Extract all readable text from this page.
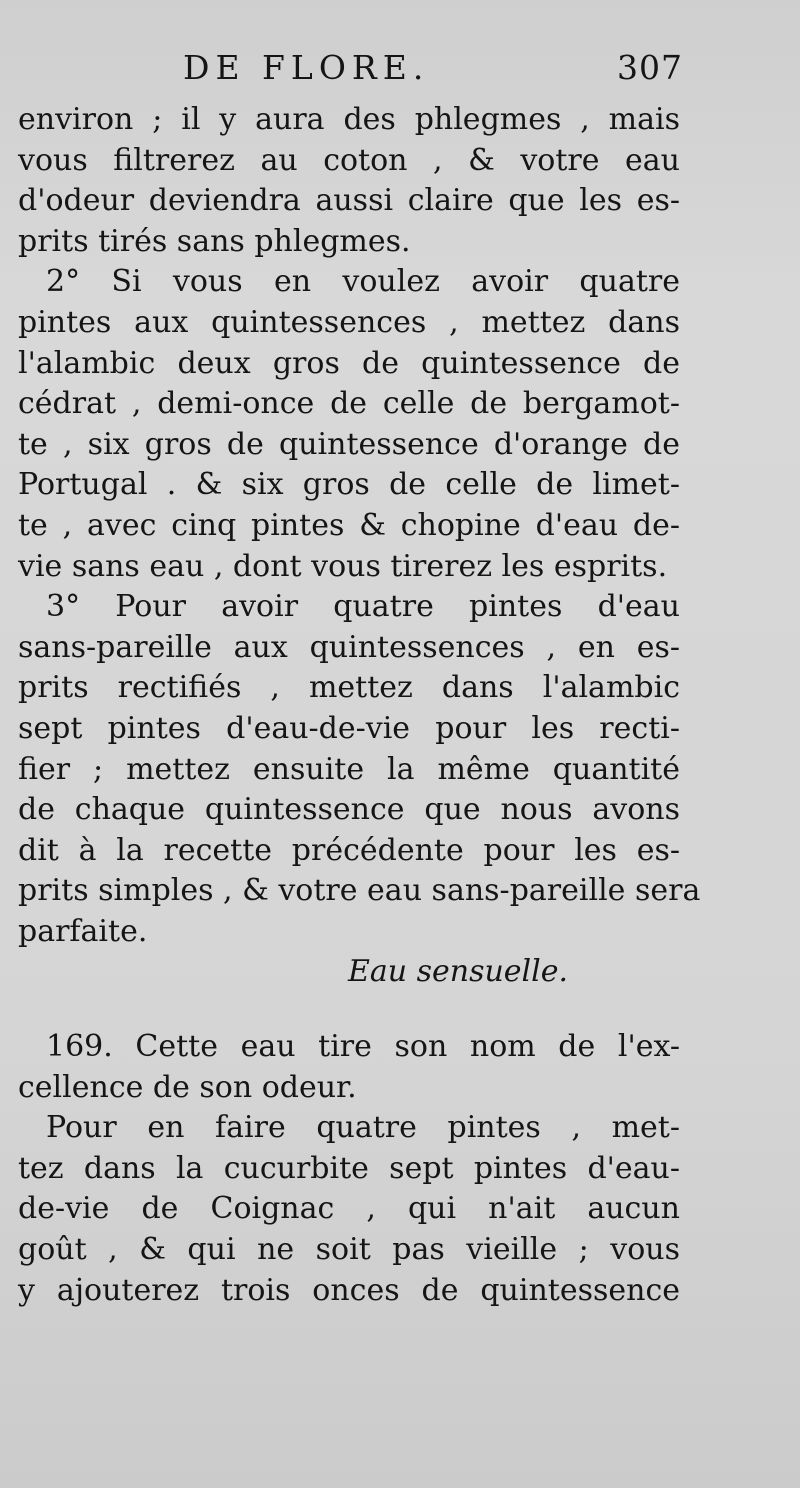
DE FLORE.	307
environ ; il y aura des phlegmes , mais
vous filtrerez au coton , & votre eau
d'odeur deviendra aussi claire que les es-
prits tirés sans phlegmes.
2° Si vous en voulez avoir quatre
pintes aux quintessences , mettez dans
l'alambic deux gros de quintessence de
cédrat , demi-once de celle de bergamot-
te , six gros de quintessence d'orange de
Portugal . & six gros de celle de limet-
te , avec cinq pintes & chopine d'eau de-
vie sans eau , dont vous tirerez les esprits.
3° Pour avoir quatre pintes d'eau
sans-pareille aux quintessences , en es-
prits rectifiés , mettez dans l'alambic
sept pintes d'eau-de-vie pour les recti-
fier ; mettez ensuite la même quantité
de chaque quintessence que nous avons
dit à la recette précédente pour les es-
prits simples , & votre eau sans-pareille sera
parfaite.
Eau sensuelle.
169. Cette eau tire son nom de l'ex-
cellence de son odeur.
Pour en faire quatre pintes , met-
tez dans la cucurbite sept pintes d'eau-
de-vie de Coignac , qui n'ait aucun
goût , & qui ne soit pas vieille ; vous
y ajouterez trois onces de quintessence
